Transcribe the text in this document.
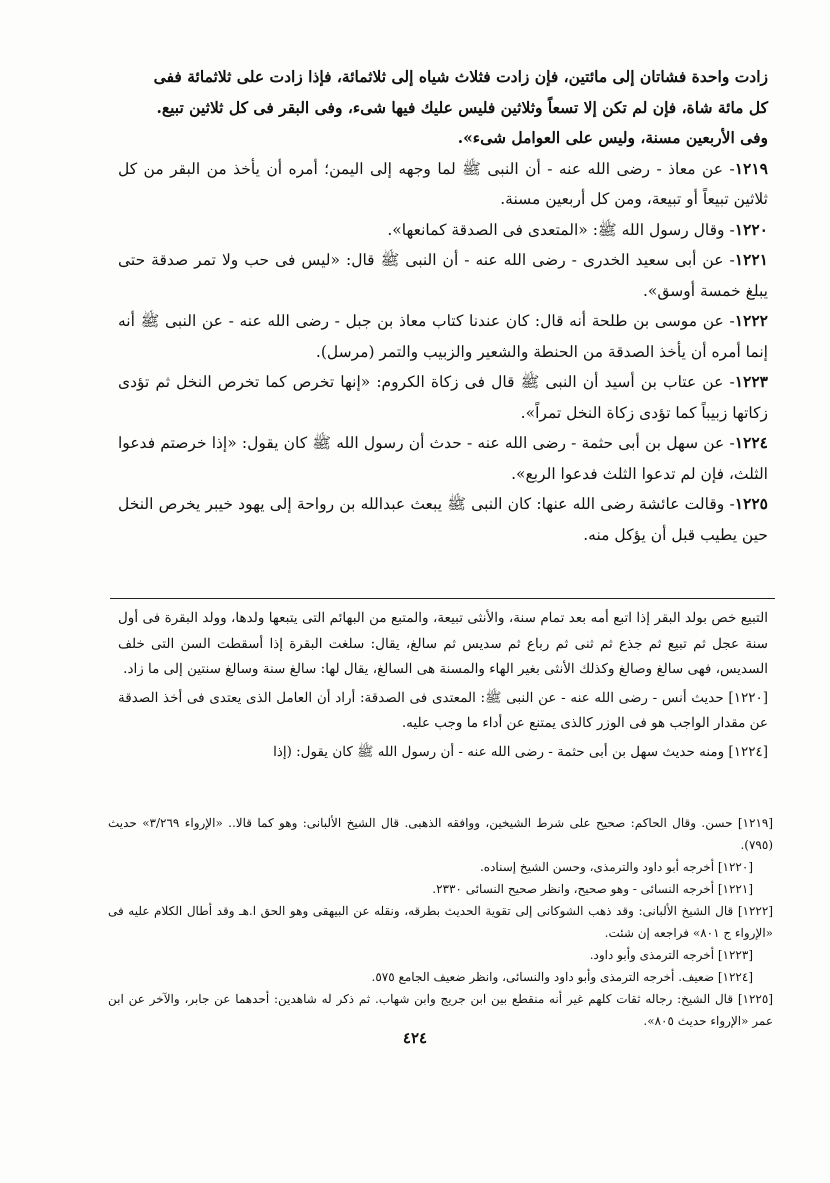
زادت واحدة فشاتان إلى مائتين، فإن زادت فثلاث شياه إلى ثلاثمائة، فإذا زادت على ثلاثمائة ففى

كل مائة شاة، فإن لم تكن إلا تسعاً وثلاثين فليس عليك فيها شىء، وفى البقر فى كل ثلاثين تبيع.

وفى الأربعين مسنة، وليس على العوامل شىء».

١٢١٩- عن معاذ - رضى الله عنه - أن النبى ﷺ لما وجهه إلى اليمن؛ أمره أن يأخذ من البقر من كل ثلاثين تبيعاً أو تبيعة، ومن كل أربعين مسنة.

١٢٢٠- وقال رسول الله ﷺ: «المتعدى فى الصدقة كمانعها».

١٢٢١- عن أبى سعيد الخدرى - رضى الله عنه - أن النبى ﷺ قال: «ليس فى حب ولا تمر صدقة حتى يبلغ خمسة أوسق».

١٢٢٢- عن موسى بن طلحة أنه قال: كان عندنا كتاب معاذ بن جبل - رضى الله عنه - عن النبى ﷺ أنه إنما أمره أن يأخذ الصدقة من الحنطة والشعير والزبيب والتمر (مرسل).

١٢٢٣- عن عتاب بن أسيد أن النبى ﷺ قال فى زكاة الكروم: «إنها تخرص كما تخرص النخل ثم تؤدى زكاتها زبيباً كما تؤدى زكاة النخل تمراً».

١٢٢٤- عن سهل بن أبى حثمة - رضى الله عنه - حدث أن رسول الله ﷺ كان يقول: «إذا خرصتم فدعوا الثلث، فإن لم تدعوا الثلث فدعوا الربع».

١٢٢٥- وقالت عائشة رضى الله عنها: كان النبى ﷺ يبعث عبدالله بن رواحة إلى يهود خيبر يخرص النخل حين يطيب قبل أن يؤكل منه.

التبيع خص بولد البقر إذا اتبع أمه بعد تمام سنة، والأنثى تبيعة، والمتبع من البهائم التى يتبعها ولدها، وولد البقرة فى أول سنة عجل ثم تبيع ثم جذع ثم ثنى ثم رباع ثم سديس ثم سالغ، يقال: سلغت البقرة إذا أسقطت السن التى خلف السديس، فهى سالغ وصالغ وكذلك الأنثى بغير الهاء والمسنة هى السالغ، يقال لها: سالغ سنة وسالغ سنتين إلى ما زاد.

[١٢٢٠] حديث أنس - رضى الله عنه - عن النبى ﷺ: المعتدى فى الصدقة: أراد أن العامل الذى يعتدى فى أخذ الصدقة عن مقدار الواجب هو فى الوزر كالذى يمتنع عن أداء ما وجب عليه.

[١٢٢٤] ومنه حديث سهل بن أبى حثمة - رضى الله عنه - أن رسول الله ﷺ كان يقول: (إذا

[١٢١٩] حسن. وقال الحاكم: صحيح على شرط الشيخين، ووافقه الذهبى. قال الشيخ الألبانى: وهو كما قالا.. «الإرواء ٣/٢٦٩» حديث (٧٩٥).

[١٢٢٠] أخرجه أبو داود والترمذى، وحسن الشيخ إسناده.

[١٢٢١] أخرجه النسائى - وهو صحيح، وانظر صحيح النسائى ٢٣٣٠.

[١٢٢٢] قال الشيخ الألبانى: وقد ذهب الشوكانى إلى تقوية الحديث بطرقه، ونقله عن البيهقى وهو الحق ا.هـ وقد أطال الكلام عليه فى «الإرواء ج ٨٠١» فراجعه إن شئت.

[١٢٢٣] أخرجه الترمذى وأبو داود.

[١٢٢٤] ضعيف. أخرجه الترمذى وأبو داود والنسائى، وانظر ضعيف الجامع ٥٧٥.

[١٢٢٥] قال الشيخ: رجاله ثقات كلهم غير أنه منقطع بين ابن جريج وابن شهاب. ثم ذكر له شاهدين: أحدهما عن جابر، والآخر عن ابن عمر «الإرواء حديث ٨٠٥».

٤٢٤
